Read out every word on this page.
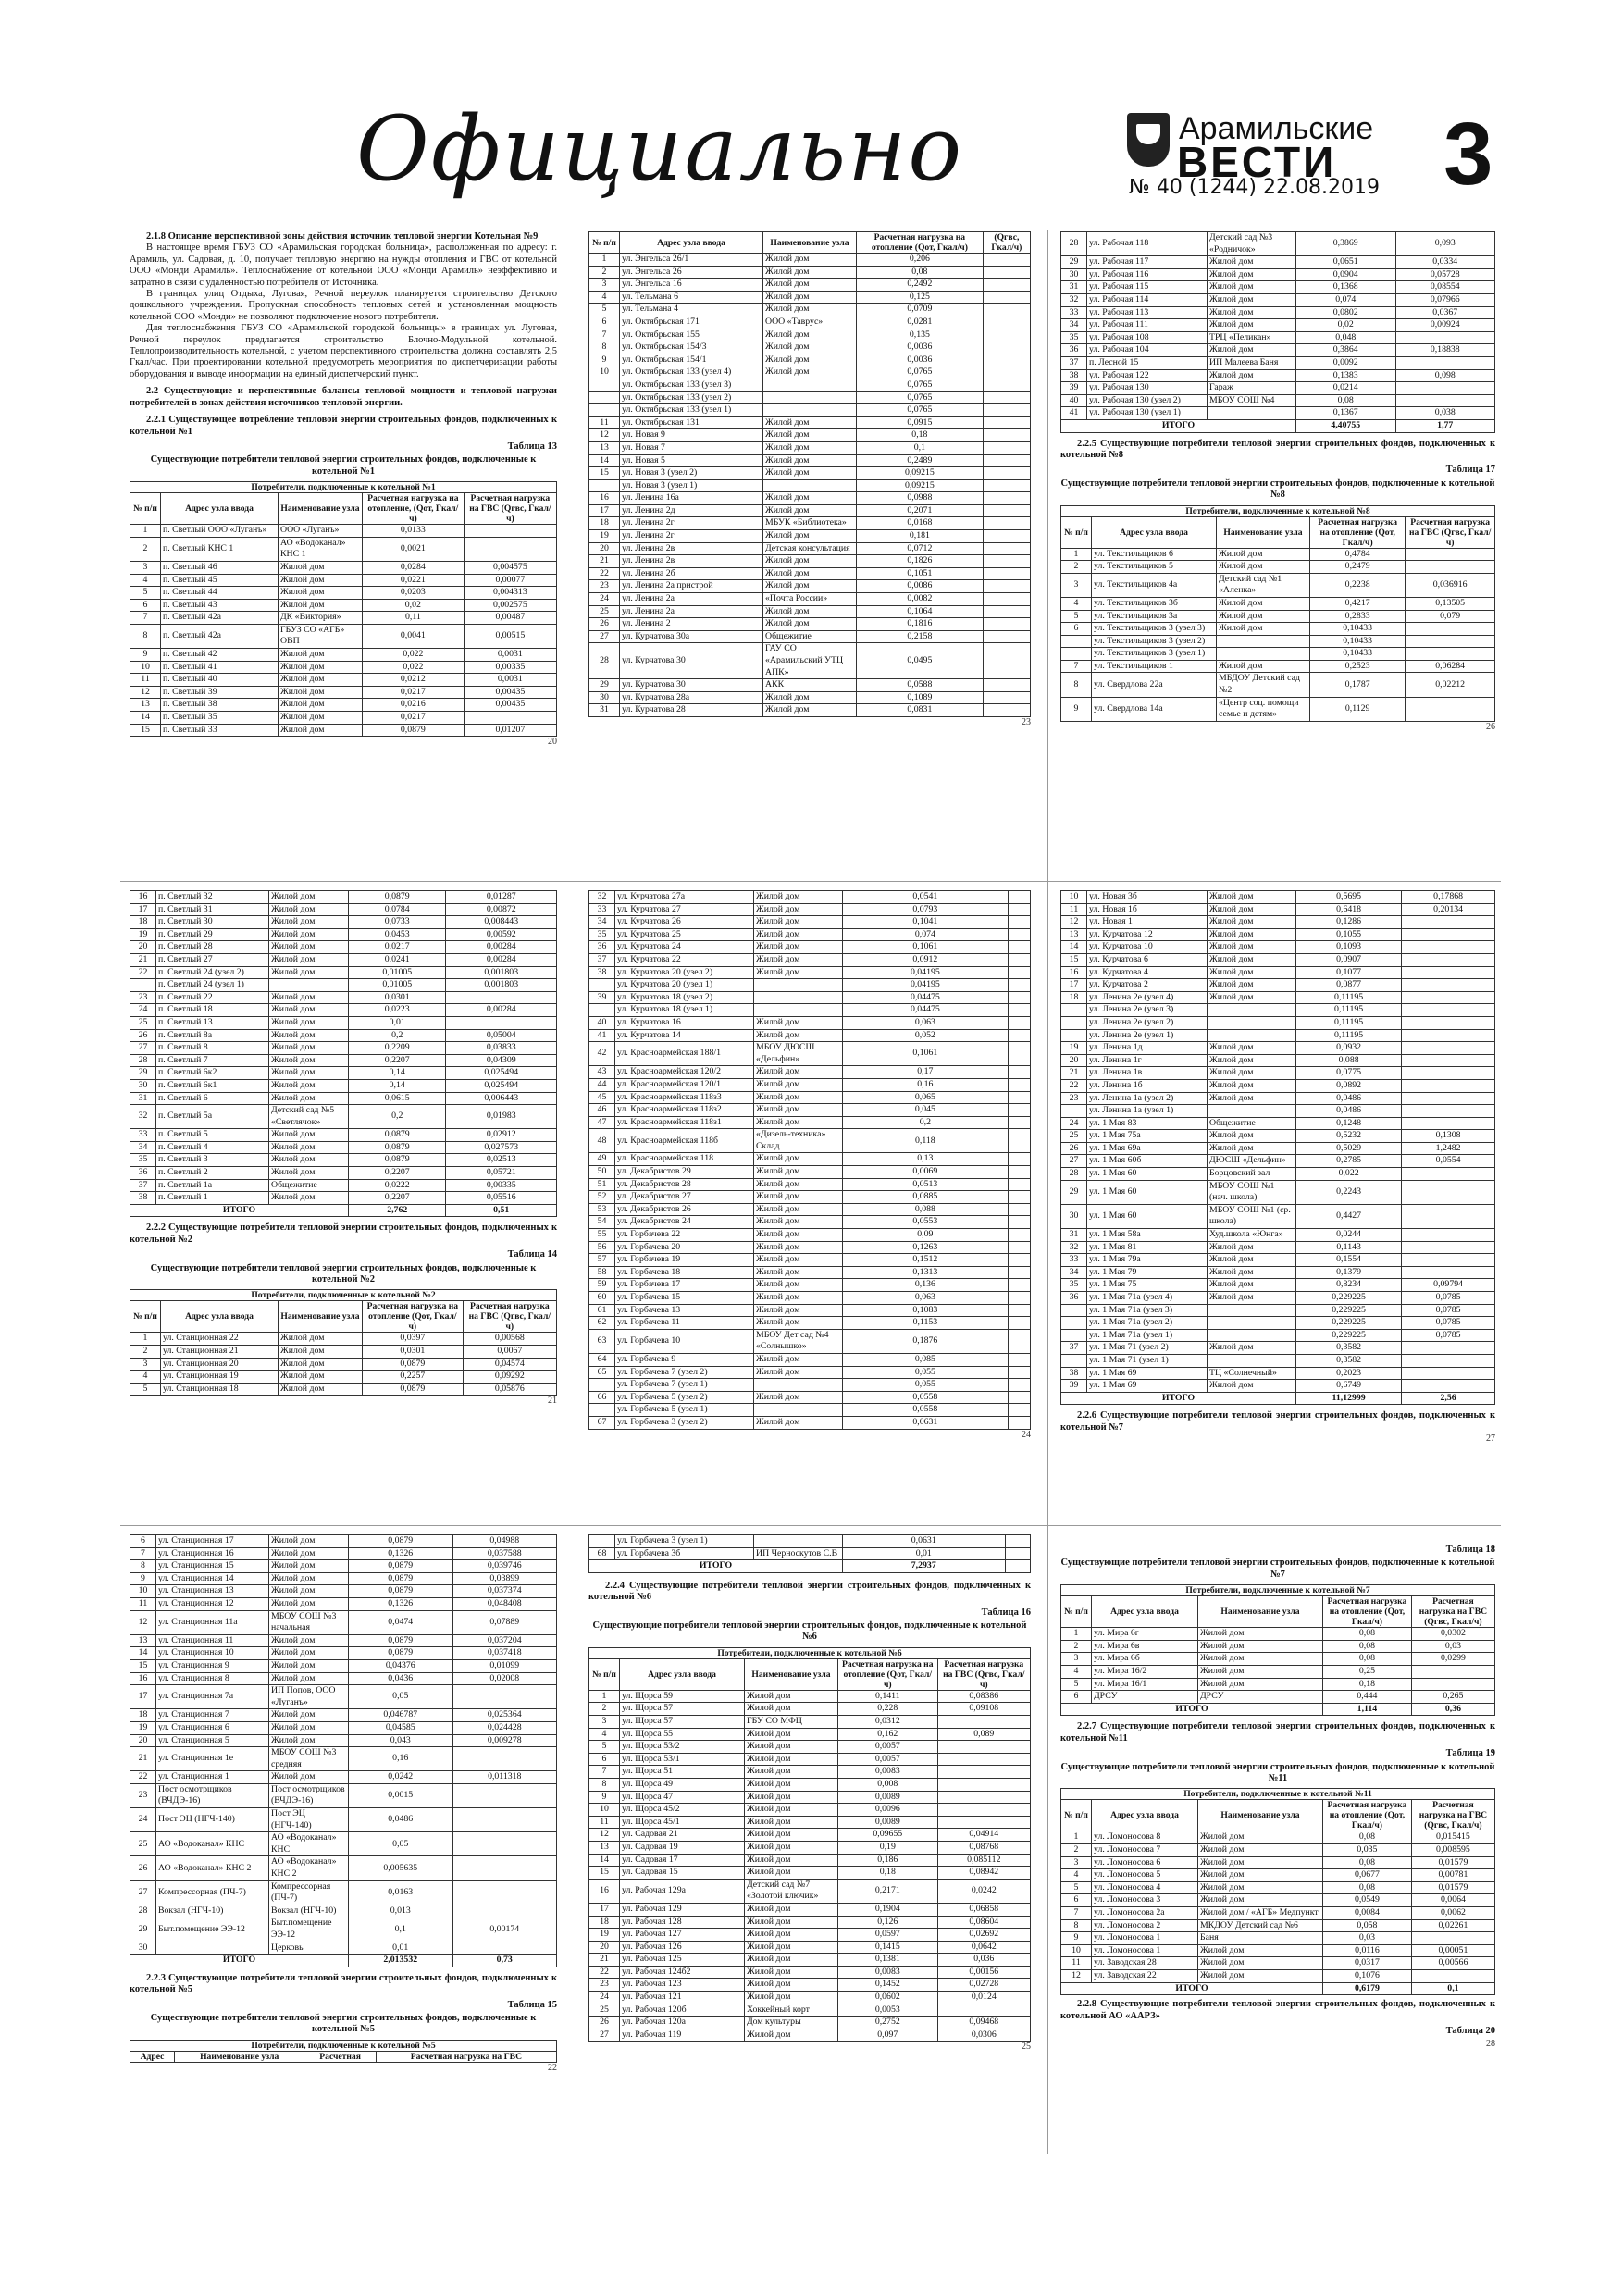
Официально	Арамильские
ВЕСТИ
№ 40 (1244) 22.08.2019 3

2.1.8 Описание перспективной зоны действия источник тепловой энергии Котельная №9

В настоящее время ГБУЗ СО «Арамильская городская больница», расположенная по адресу: г. Арамиль, ул. Садовая, д. 10, получает тепловую энергию на нужды отопления и ГВС от котельной ООО «Монди Арамиль». Теплоснабжение от котельной ООО «Монди Арамиль» неэффективно и затратно в связи с удаленностью потребителя от Источника.

В границах улиц Отдыха, Луговая, Речной переулок планируется строительство Детского дошкольного учреждения. Пропускная способность тепловых сетей и установленная мощность котельной ООО «Монди» не позволяют подключение нового потребителя.

Для теплоснабжения ГБУЗ СО «Арамильской городской больницы» в границах ул. Луговая, Речной переулок предлагается строительство Блочно-Модульной котельной. Теплопроизводительность котельной, с учетом перспективного строительства должна составлять 2,5 Гкал/час. При проектировании котельной предусмотреть мероприятия по диспетчеризации работы оборудования и выводе информации на единый диспетчерский пункт.

2.2 Существующие и перспективные балансы тепловой мощности и тепловой нагрузки потребителей в зонах действия источников тепловой энергии.

2.2.1 Существующее потребление тепловой энергии строительных фондов, подключенных к котельной №1

Таблица 13
Существующие потребители тепловой энергии строительных фондов, подключенные к котельной №1
Потребители, подключенные к котельной №1				
№ п/п	Адрес узла ввода	Наименование узла	Расчетная нагрузка на отопление, (Qот, Гкал/ч)	Расчетная нагрузка на ГВС (Qгвс, Гкал/ч)
1	п. Светлый ООО «Луганъ»	ООО «Луганъ»	0,0133	
2	п. Светлый КНС 1	АО «Водоканал» КНС 1	0,0021	
3	п. Светлый 46	Жилой дом	0,0284	0,004575
4	п. Светлый 45	Жилой дом	0,0221	0,00077
5	п. Светлый 44	Жилой дом	0,0203	0,004313
6	п. Светлый 43	Жилой дом	0,02	0,002575
7	п. Светлый 42а	ДК «Виктория»	0,11	0,00487
8	п. Светлый 42а	ГБУЗ СО «АГБ» ОВП	0,0041	0,00515
9	п. Светлый 42	Жилой дом	0,022	0,0031
10	п. Светлый 41	Жилой дом	0,022	0,00335
11	п. Светлый 40	Жилой дом	0,0212	0,0031
12	п. Светлый 39	Жилой дом	0,0217	0,00435
13	п. Светлый 38	Жилой дом	0,0216	0,00435
14	п. Светлый 35	Жилой дом	0,0217	
15	п. Светлый 33	Жилой дом	0,0879	0,01207
20
16	п. Светлый 32	Жилой дом	0,0879	0,01287
17	п. Светлый 31	Жилой дом	0,0784	0,00872
18	п. Светлый 30	Жилой дом	0,0733	0,008443
19	п. Светлый 29	Жилой дом	0,0453	0,00592
20	п. Светлый 28	Жилой дом	0,0217	0,00284
21	п. Светлый 27	Жилой дом	0,0241	0,00284
22	п. Светлый 24 (узел 2)	Жилой дом	0,01005	0,001803
	п. Светлый 24 (узел 1)		0,01005	0,001803
23	п. Светлый 22	Жилой дом	0,0301	
24	п. Светлый 18	Жилой дом	0,0223	0,00284
25	п. Светлый 13	Жилой дом	0,01	
26	п. Светлый 8а	Жилой дом	0,2	0,05004
27	п. Светлый 8	Жилой дом	0,2209	0,03833
28	п. Светлый 7	Жилой дом	0,2207	0,04309
29	п. Светлый 6к2	Жилой дом	0,14	0,025494
30	п. Светлый 6к1	Жилой дом	0,14	0,025494
31	п. Светлый 6	Жилой дом	0,0615	0,006443
32	п. Светлый 5а	Детский сад №5 «Светлячок»	0,2	0,01983
33	п. Светлый 5	Жилой дом	0,0879	0,02912
34	п. Светлый 4	Жилой дом	0,0879	0,027573
35	п. Светлый 3	Жилой дом	0,0879	0,02513
36	п. Светлый 2	Жилой дом	0,2207	0,05721
37	п. Светлый 1а	Общежитие	0,0222	0,00335
38	п. Светлый 1	Жилой дом	0,2207	0,05516
ИТОГО			2,762	0,51

2.2.2 Существующие потребители тепловой энергии строительных фондов, подключенных к котельной №2

Таблица 14
Существующие потребители тепловой энергии строительных фондов, подключенные к котельной №2
Потребители, подключенные к котельной №2				
№ п/п	Адрес узла ввода	Наименование узла	Расчетная нагрузка на отопление (Qот, Гкал/ч)	Расчетная нагрузка на ГВС (Qгвс, Гкал/ч)
1	ул. Станционная 22	Жилой дом	0,0397	0,00568
2	ул. Станционная 21	Жилой дом	0,0301	0,0067
3	ул. Станционная 20	Жилой дом	0,0879	0,04574
4	ул. Станционная 19	Жилой дом	0,2257	0,09292
5	ул. Станционная 18	Жилой дом	0,0879	0,05876
21
6	ул. Станционная 17	Жилой дом	0,0879	0,04988
7	ул. Станционная 16	Жилой дом	0,1326	0,037588
8	ул. Станционная 15	Жилой дом	0,0879	0,039746
9	ул. Станционная 14	Жилой дом	0,0879	0,03899
10	ул. Станционная 13	Жилой дом	0,0879	0,037374
11	ул. Станционная 12	Жилой дом	0,1326	0,048408
12	ул. Станционная 11а	МБОУ СОШ №3 начальная	0,0474	0,07889
13	ул. Станционная 11	Жилой дом	0,0879	0,037204
14	ул. Станционная 10	Жилой дом	0,0879	0,037418
15	ул. Станционная 9	Жилой дом	0,04376	0,01099
16	ул. Станционная 8	Жилой дом	0,0436	0,02008
17	ул. Станционная 7а	ИП Попов, ООО «Луганъ»	0,05	
18	ул. Станционная 7	Жилой дом	0,046787	0,025364
19	ул. Станционная 6	Жилой дом	0,04585	0,024428
20	ул. Станционная 5	Жилой дом	0,043	0,009278
21	ул. Станционная 1е	МБОУ СОШ №3 средняя	0,16	
22	ул. Станционная 1	Жилой дом	0,0242	0,011318
23	Пост осмотрщиков (ВЧДЭ-16)	Пост осмотрщиков (ВЧДЭ-16)	0,0015	
24	Пост ЭЦ (НГЧ-140)	Пост ЭЦ (НГЧ-140)	0,0486	
25	АО «Водоканал» КНС	АО «Водоканал» КНС	0,05	
26	АО «Водоканал» КНС 2	АО «Водоканал» КНС 2	0,005635	
27	Компрессорная (ПЧ-7)	Компрессорная (ПЧ-7)	0,0163	
28	Вокзал (НГЧ-10)	Вокзал (НГЧ-10)	0,013	
29	Быт.помещение ЭЭ-12	Быт.помещение ЭЭ-12	0,1	0,00174
30		Церковь	0,01	
ИТОГО			2,013532	0,73

2.2.3 Существующие потребители тепловой энергии строительных фондов, подключенных к котельной №5

Таблица 15
Существующие потребители тепловой энергии строительных фондов, подключенные к котельной №5
Потребители, подключенные к котельной №5
Адрес	Наименование узла	Расчетная	Расчетная нагрузка на ГВС
22
№ п/п	Адрес узла ввода	Наименование узла	Расчетная нагрузка на отопление (Qот, Гкал/ч)	(Qгвс, Гкал/ч)
1	ул. Энгельса 26/1	Жилой дом	0,206	
2	ул. Энгельса 26	Жилой дом	0,08	
3	ул. Энгельса 16	Жилой дом	0,2492	
4	ул. Тельмана 6	Жилой дом	0,125	
5	ул. Тельмана 4	Жилой дом	0,0709	
6	ул. Октябрьская 171	ООО «Таврус»	0,0281	
7	ул. Октябрьская 155	Жилой дом	0,135	
8	ул. Октябрьская 154/3	Жилой дом	0,0036	
9	ул. Октябрьская 154/1	Жилой дом	0,0036	
10	ул. Октябрьская 133 (узел 4)	Жилой дом	0,0765	
	ул. Октябрьская 133 (узел 3)		0,0765	
	ул. Октябрьская 133 (узел 2)		0,0765	
	ул. Октябрьская 133 (узел 1)		0,0765	
11	ул. Октябрьская 131	Жилой дом	0,0915	
12	ул. Новая 9	Жилой дом	0,18	
13	ул. Новая 7	Жилой дом	0,1	
14	ул. Новая 5	Жилой дом	0,2489	
15	ул. Новая 3 (узел 2)	Жилой дом	0,09215	
	ул. Новая 3 (узел 1)		0,09215	
16	ул. Ленина 16а	Жилой дом	0,0988	
17	ул. Ленина 2д	Жилой дом	0,2071	
18	ул. Ленина 2г	МБУК «Библиотека»	0,0168	
19	ул. Ленина 2г	Жилой дом	0,181	
20	ул. Ленина 2в	Детская консультация	0,0712	
21	ул. Ленина 2в	Жилой дом	0,1826	
22	ул. Ленина 2б	Жилой дом	0,1051	
23	ул. Ленина 2а пристрой	Жилой дом	0,0086	
24	ул. Ленина 2а	«Почта России»	0,0082	
25	ул. Ленина 2а	Жилой дом	0,1064	
26	ул. Ленина 2	Жилой дом	0,1816	
27	ул. Курчатова 30а	Общежитие	0,2158	
28	ул. Курчатова 30	ГАУ СО «Арамильский УТЦ АПК»	0,0495	
29	ул. Курчатова 30	АКК	0,0588	
30	ул. Курчатова 28а	Жилой дом	0,1089	
31	ул. Курчатова 28	Жилой дом	0,0831	
23
32	ул. Курчатова 27а	Жилой дом	0,0541	
33	ул. Курчатова 27	Жилой дом	0,0793	
34	ул. Курчатова 26	Жилой дом	0,1041	
35	ул. Курчатова 25	Жилой дом	0,074	
36	ул. Курчатова 24	Жилой дом	0,1061	
37	ул. Курчатова 22	Жилой дом	0,0912	
38	ул. Курчатова 20 (узел 2)	Жилой дом	0,04195	
	ул. Курчатова 20 (узел 1)		0,04195	
39	ул. Курчатова 18 (узел 2)		0,04475	
	ул. Курчатова 18 (узел 1)		0,04475	
40	ул. Курчатова 16	Жилой дом	0,063	
41	ул. Курчатова 14	Жилой дом	0,052	
42	ул. Красноармейская 188/1	МБОУ ДЮСШ «Дельфин»	0,1061	
43	ул. Красноармейская 120/2	Жилой дом	0,17	
44	ул. Красноармейская 120/1	Жилой дом	0,16	
45	ул. Красноармейская 118з3	Жилой дом	0,065	
46	ул. Красноармейская 118з2	Жилой дом	0,045	
47	ул. Красноармейская 118з1	Жилой дом	0,2	
48	ул. Красноармейская 118б	«Дизель-техника» Склад	0,118	
49	ул. Красноармейская 118	Жилой дом	0,13	
50	ул. Декабристов 29	Жилой дом	0,0069	
51	ул. Декабристов 28	Жилой дом	0,0513	
52	ул. Декабристов 27	Жилой дом	0,0885	
53	ул. Декабристов 26	Жилой дом	0,088	
54	ул. Декабристов 24	Жилой дом	0,0553	
55	ул. Горбачева 22	Жилой дом	0,09	
56	ул. Горбачева 20	Жилой дом	0,1263	
57	ул. Горбачева 19	Жилой дом	0,1512	
58	ул. Горбачева 18	Жилой дом	0,1313	
59	ул. Горбачева 17	Жилой дом	0,136	
60	ул. Горбачева 15	Жилой дом	0,063	
61	ул. Горбачева 13	Жилой дом	0,1083	
62	ул. Горбачева 11	Жилой дом	0,1153	
63	ул. Горбачева 10	МБОУ Дет сад №4 «Солнышко»	0,1876	
64	ул. Горбачева 9	Жилой дом	0,085	
65	ул. Горбачева 7 (узел 2)	Жилой дом	0,055	
	ул. Горбачева 7 (узел 1)		0,055	
66	ул. Горбачева 5 (узел 2)	Жилой дом	0,0558	
	ул. Горбачева 5 (узел 1)		0,0558	
67	ул. Горбачева 3 (узел 2)	Жилой дом	0,0631	
24
	ул. Горбачева 3 (узел 1)		0,0631	
68	ул. Горбачева 3б	ИП Черноскутов С.В	0,01	
ИТОГО			7,2937	

2.2.4 Существующие потребители тепловой энергии строительных фондов, подключенных к котельной №6

Таблица 16
Существующие потребители тепловой энергии строительных фондов, подключенные к котельной №6
Потребители, подключенные к котельной №6				
№ п/п	Адрес узла ввода	Наименование узла	Расчетная нагрузка на отопление (Qот, Гкал/ч)	Расчетная нагрузка на ГВС (Qгвс, Гкал/ч)
1	ул. Щорса 59	Жилой дом	0,1411	0,08386
2	ул. Щорса 57	Жилой дом	0,228	0,09108
3	ул. Щорса 57	ГБУ СО МФЦ	0,0312	
4	ул. Щорса 55	Жилой дом	0,162	0,089
5	ул. Щорса 53/2	Жилой дом	0,0057	
6	ул. Щорса 53/1	Жилой дом	0,0057	
7	ул. Щорса 51	Жилой дом	0,0083	
8	ул. Щорса 49	Жилой дом	0,008	
9	ул. Щорса 47	Жилой дом	0,0089	
10	ул. Щорса 45/2	Жилой дом	0,0096	
11	ул. Щорса 45/1	Жилой дом	0,0089	
12	ул. Садовая 21	Жилой дом	0,09655	0,04914
13	ул. Садовая 19	Жилой дом	0,19	0,08768
14	ул. Садовая 17	Жилой дом	0,186	0,085112
15	ул. Садовая 15	Жилой дом	0,18	0,08942
16	ул. Рабочая 129а	Детский сад №7 «Золотой ключик»	0,2171	0,0242
17	ул. Рабочая 129	Жилой дом	0,1904	0,06858
18	ул. Рабочая 128	Жилой дом	0,126	0,08604
19	ул. Рабочая 127	Жилой дом	0,0597	0,02692
20	ул. Рабочая 126	Жилой дом	0,1415	0,0642
21	ул. Рабочая 125	Жилой дом	0,1381	0,036
22	ул. Рабочая 124б2	Жилой дом	0,0083	0,00156
23	ул. Рабочая 123	Жилой дом	0,1452	0,02728
24	ул. Рабочая 121	Жилой дом	0,0602	0,0124
25	ул. Рабочая 120б	Хоккейный корт	0,0053	
26	ул. Рабочая 120а	Дом культуры	0,2752	0,09468
27	ул. Рабочая 119	Жилой дом	0,097	0,0306
25
28	ул. Рабочая 118	Детский сад №3 «Родничок»	0,3869	0,093
29	ул. Рабочая 117	Жилой дом	0,0651	0,0334
30	ул. Рабочая 116	Жилой дом	0,0904	0,05728
31	ул. Рабочая 115	Жилой дом	0,1368	0,08554
32	ул. Рабочая 114	Жилой дом	0,074	0,07966
33	ул. Рабочая 113	Жилой дом	0,0802	0,0367
34	ул. Рабочая 111	Жилой дом	0,02	0,00924
35	ул. Рабочая 108	ТРЦ «Пеликан»	0,048	
36	ул. Рабочая 104	Жилой дом	0,3864	0,18838
37	п. Лесной 15	ИП Малеева Баня	0,0092	
38	ул. Рабочая 122	Жилой дом	0,1383	0,098
39	ул. Рабочая 130	Гараж	0,0214	
40	ул. Рабочая 130 (узел 2)	МБОУ СОШ №4	0,08	
41	ул. Рабочая 130 (узел 1)		0,1367	0,038
ИТОГО			4,40755	1,77

2.2.5 Существующие потребители тепловой энергии строительных фондов, подключенных к котельной №8

Таблица 17
Существующие потребители тепловой энергии строительных фондов, подключенные к котельной №8
Потребители, подключенные к котельной №8				
№ п/п	Адрес узла ввода	Наименование узла	Расчетная нагрузка на отопление (Qот, Гкал/ч)	Расчетная нагрузка на ГВС (Qгвс, Гкал/ч)
1	ул. Текстильщиков 6	Жилой дом	0,4784	
2	ул. Текстильщиков 5	Жилой дом	0,2479	
3	ул. Текстильщиков 4а	Детский сад №1 «Аленка»	0,2238	0,036916
4	ул. Текстильщиков 3б	Жилой дом	0,4217	0,13505
5	ул. Текстильщиков 3а	Жилой дом	0,2833	0,079
6	ул. Текстильщиков 3 (узел 3)	Жилой дом	0,10433	
	ул. Текстильщиков 3 (узел 2)		0,10433	
	ул. Текстильщиков 3 (узел 1)		0,10433	
7	ул. Текстильщиков 1	Жилой дом	0,2523	0,06284
8	ул. Свердлова 22а	МБДОУ Детский сад №2	0,1787	0,02212
9	ул. Свердлова 14а	«Центр соц. помощи семье и детям»	0,1129	
26
10	ул. Новая 3б	Жилой дом	0,5695	0,17868
11	ул. Новая 1б	Жилой дом	0,6418	0,20134
12	ул. Новая 1	Жилой дом	0,1286	
13	ул. Курчатова 12	Жилой дом	0,1055	
14	ул. Курчатова 10	Жилой дом	0,1093	
15	ул. Курчатова 6	Жилой дом	0,0907	
16	ул. Курчатова 4	Жилой дом	0,1077	
17	ул. Курчатова 2	Жилой дом	0,0877	
18	ул. Ленина 2е (узел 4)	Жилой дом	0,11195	
	ул. Ленина 2е (узел 3)		0,11195	
	ул. Ленина 2е (узел 2)		0,11195	
	ул. Ленина 2е (узел 1)		0,11195	
19	ул. Ленина 1д	Жилой дом	0,0932	
20	ул. Ленина 1г	Жилой дом	0,088	
21	ул. Ленина 1в	Жилой дом	0,0775	
22	ул. Ленина 1б	Жилой дом	0,0892	
23	ул. Ленина 1а (узел 2)	Жилой дом	0,0486	
	ул. Ленина 1а (узел 1)		0,0486	
24	ул. 1 Мая 83	Общежитие	0,1248	
25	ул. 1 Мая 75а	Жилой дом	0,5232	0,1308
26	ул. 1 Мая 69а	Жилой дом	0,5029	1,2482
27	ул. 1 Мая 60б	ДЮСШ «Дельфин»	0,2785	0,0554
28	ул. 1 Мая 60	Борцовский зал	0,022	
29	ул. 1 Мая 60	МБОУ СОШ №1 (нач. школа)	0,2243	
30	ул. 1 Мая 60	МБОУ СОШ №1 (ср. школа)	0,4427	
31	ул. 1 Мая 58а	Худ.школа «Юнга»	0,0244	
32	ул. 1 Мая 81	Жилой дом	0,1143	
33	ул. 1 Мая 79а	Жилой дом	0,1554	
34	ул. 1 Мая 79	Жилой дом	0,1379	
35	ул. 1 Мая 75	Жилой дом	0,8234	0,09794
36	ул. 1 Мая 71а (узел 4)	Жилой дом	0,229225	0,0785
	ул. 1 Мая 71а (узел 3)		0,229225	0,0785
	ул. 1 Мая 71а (узел 2)		0,229225	0,0785
	ул. 1 Мая 71а (узел 1)		0,229225	0,0785
37	ул. 1 Мая 71 (узел 2)	Жилой дом	0,3582	
	ул. 1 Мая 71 (узел 1)		0,3582	
38	ул. 1 Мая 69	ТЦ «Солнечный»	0,2023	
39	ул. 1 Мая 69	Жилой дом	0,6749	
ИТОГО			11,12999	2,56

2.2.6 Существующие потребители тепловой энергии строительных фондов, подключенных к котельной №7

27
Таблица 18
Существующие потребители тепловой энергии строительных фондов, подключенные к котельной №7
Потребители, подключенные к котельной №7				
№ п/п	Адрес узла ввода	Наименование узла	Расчетная нагрузка на отопление (Qот, Гкал/ч)	Расчетная нагрузка на ГВС (Qгвс, Гкал/ч)
1	ул. Мира 6г	Жилой дом	0,08	0,0302
2	ул. Мира 6в	Жилой дом	0,08	0,03
3	ул. Мира 6б	Жилой дом	0,08	0,0299
4	ул. Мира 16/2	Жилой дом	0,25	
5	ул. Мира 16/1	Жилой дом	0,18	
6	ДРСУ	ДРСУ	0,444	0,265
ИТОГО			1,114	0,36

2.2.7 Существующие потребители тепловой энергии строительных фондов, подключенных к котельной №11

Таблица 19
Существующие потребители тепловой энергии строительных фондов, подключенные к котельной №11
Потребители, подключенные к котельной №11				
№ п/п	Адрес узла ввода	Наименование узла	Расчетная нагрузка на отопление (Qот, Гкал/ч)	Расчетная нагрузка на ГВС (Qгвс, Гкал/ч)
1	ул. Ломоносова 8	Жилой дом	0,08	0,015415
2	ул. Ломоносова 7	Жилой дом	0,035	0,008595
3	ул. Ломоносова 6	Жилой дом	0,08	0,01579
4	ул. Ломоносова 5	Жилой дом	0,0677	0,00781
5	ул. Ломоносова 4	Жилой дом	0,08	0,01579
6	ул. Ломоносова 3	Жилой дом	0,0549	0,0064
7	ул. Ломоносова 2а	Жилой дом / «АГБ» Медпункт	0,0084	0,0062
8	ул. Ломоносова 2	МКДОУ Детский сад №6	0,058	0,02261
9	ул. Ломоносова 1	Баня	0,03	
10	ул. Ломоносова 1	Жилой дом	0,0116	0,00051
11	ул. Заводская 28	Жилой дом	0,0317	0,00566
12	ул. Заводская 22	Жилой дом	0,1076	
ИТОГО			0,6179	0,1

2.2.8 Существующие потребители тепловой энергии строительных фондов, подключенных к котельной АО «ААРЗ»

Таблица 20
28
